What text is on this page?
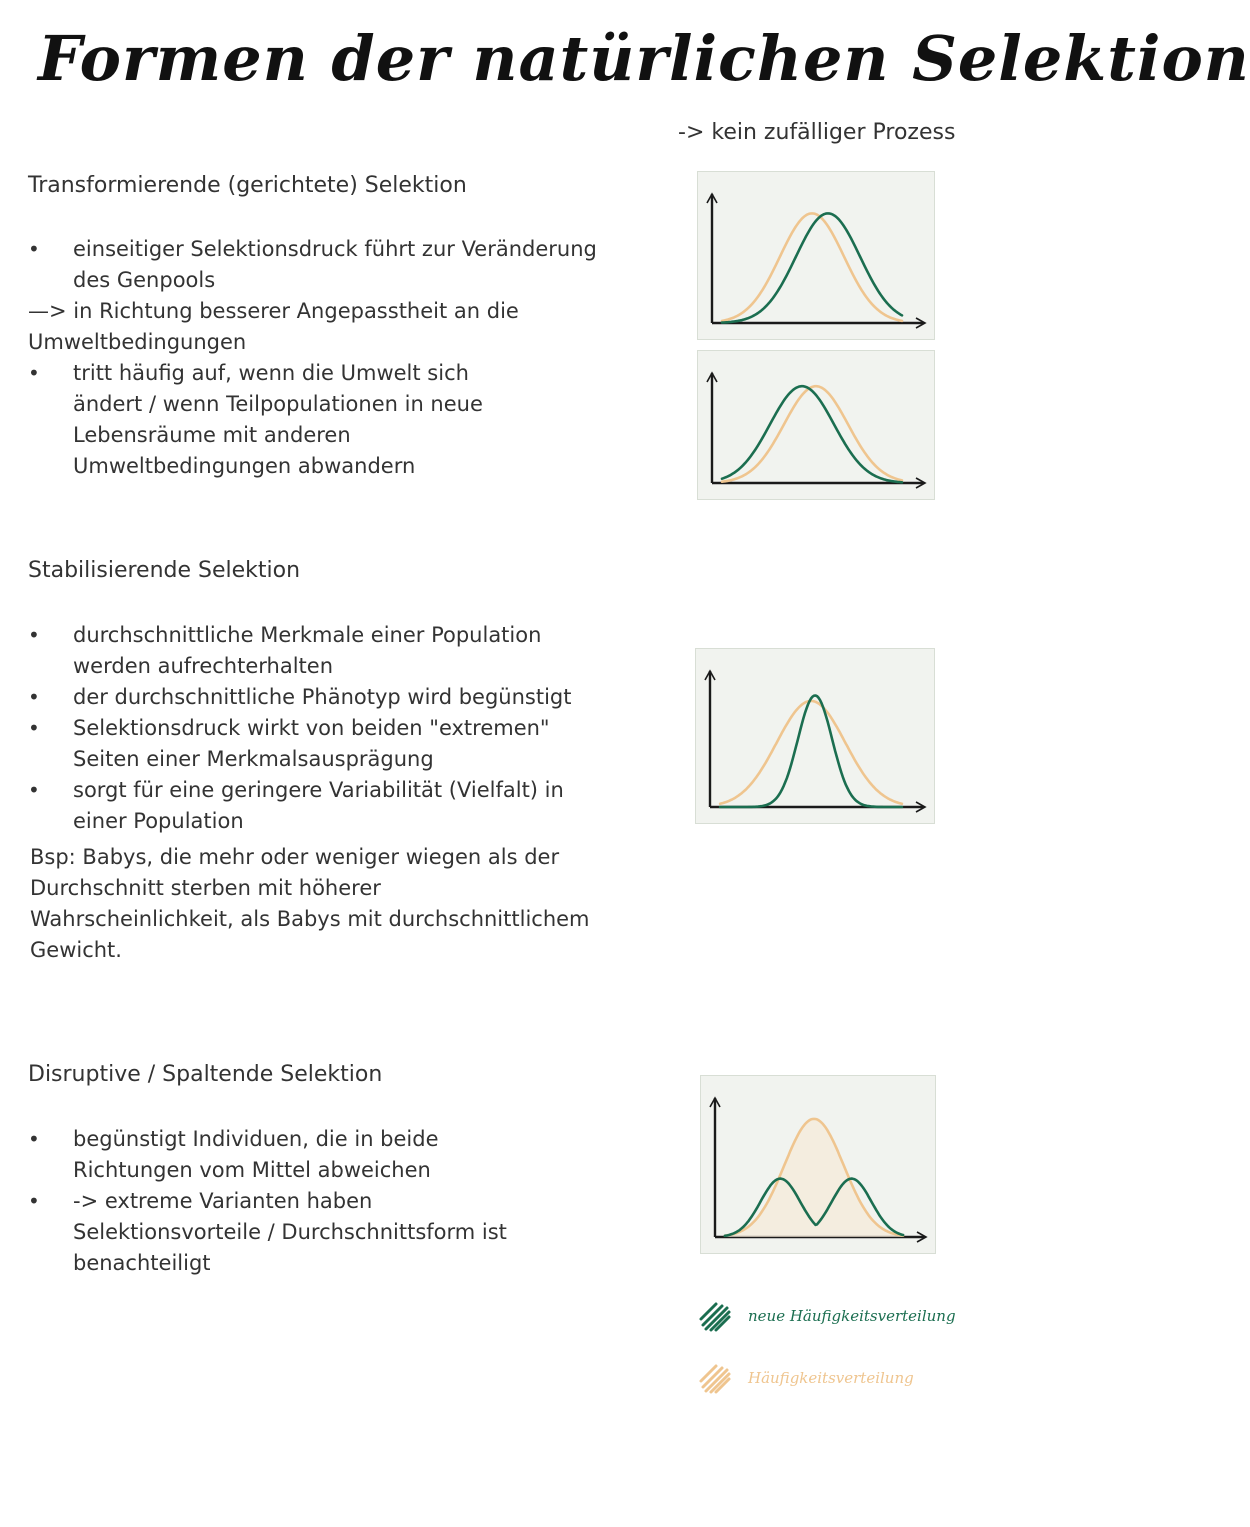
Formen der natürlichen Selektion
-> kein zufälliger Prozess
Transformierende (gerichtete) Selektion
• einseitiger Selektionsdruck führt zur Veränderung des Genpools
—> in Richtung besserer Angepasstheit an die Umweltbedingungen
• tritt häufig auf, wenn die Umwelt sich ändert / wenn Teilpopulationen in neue Lebensräume mit anderen Umweltbedingungen abwandern
Stabilisierende Selektion
• durchschnittliche Merkmale einer Population werden aufrechterhalten
• der durchschnittliche Phänotyp wird begünstigt
• Selektionsdruck wirkt von beiden "extremen" Seiten einer Merkmalsausprägung
• sorgt für eine geringere Variabilität (Vielfalt) in einer Population

Bsp: Babys, die mehr oder weniger wiegen als der Durchschnitt sterben mit höherer Wahrscheinlichkeit, als Babys mit durchschnittlichem Gewicht.

Disruptive / Spaltende Selektion
• begünstigt Individuen, die in beide Richtungen vom Mittel abweichen
• -> extreme Varianten haben Selektionsvorteile / Durchschnittsform ist benachteiligt
neue Häufigkeitsverteilung
Häufigkeitsverteilung
